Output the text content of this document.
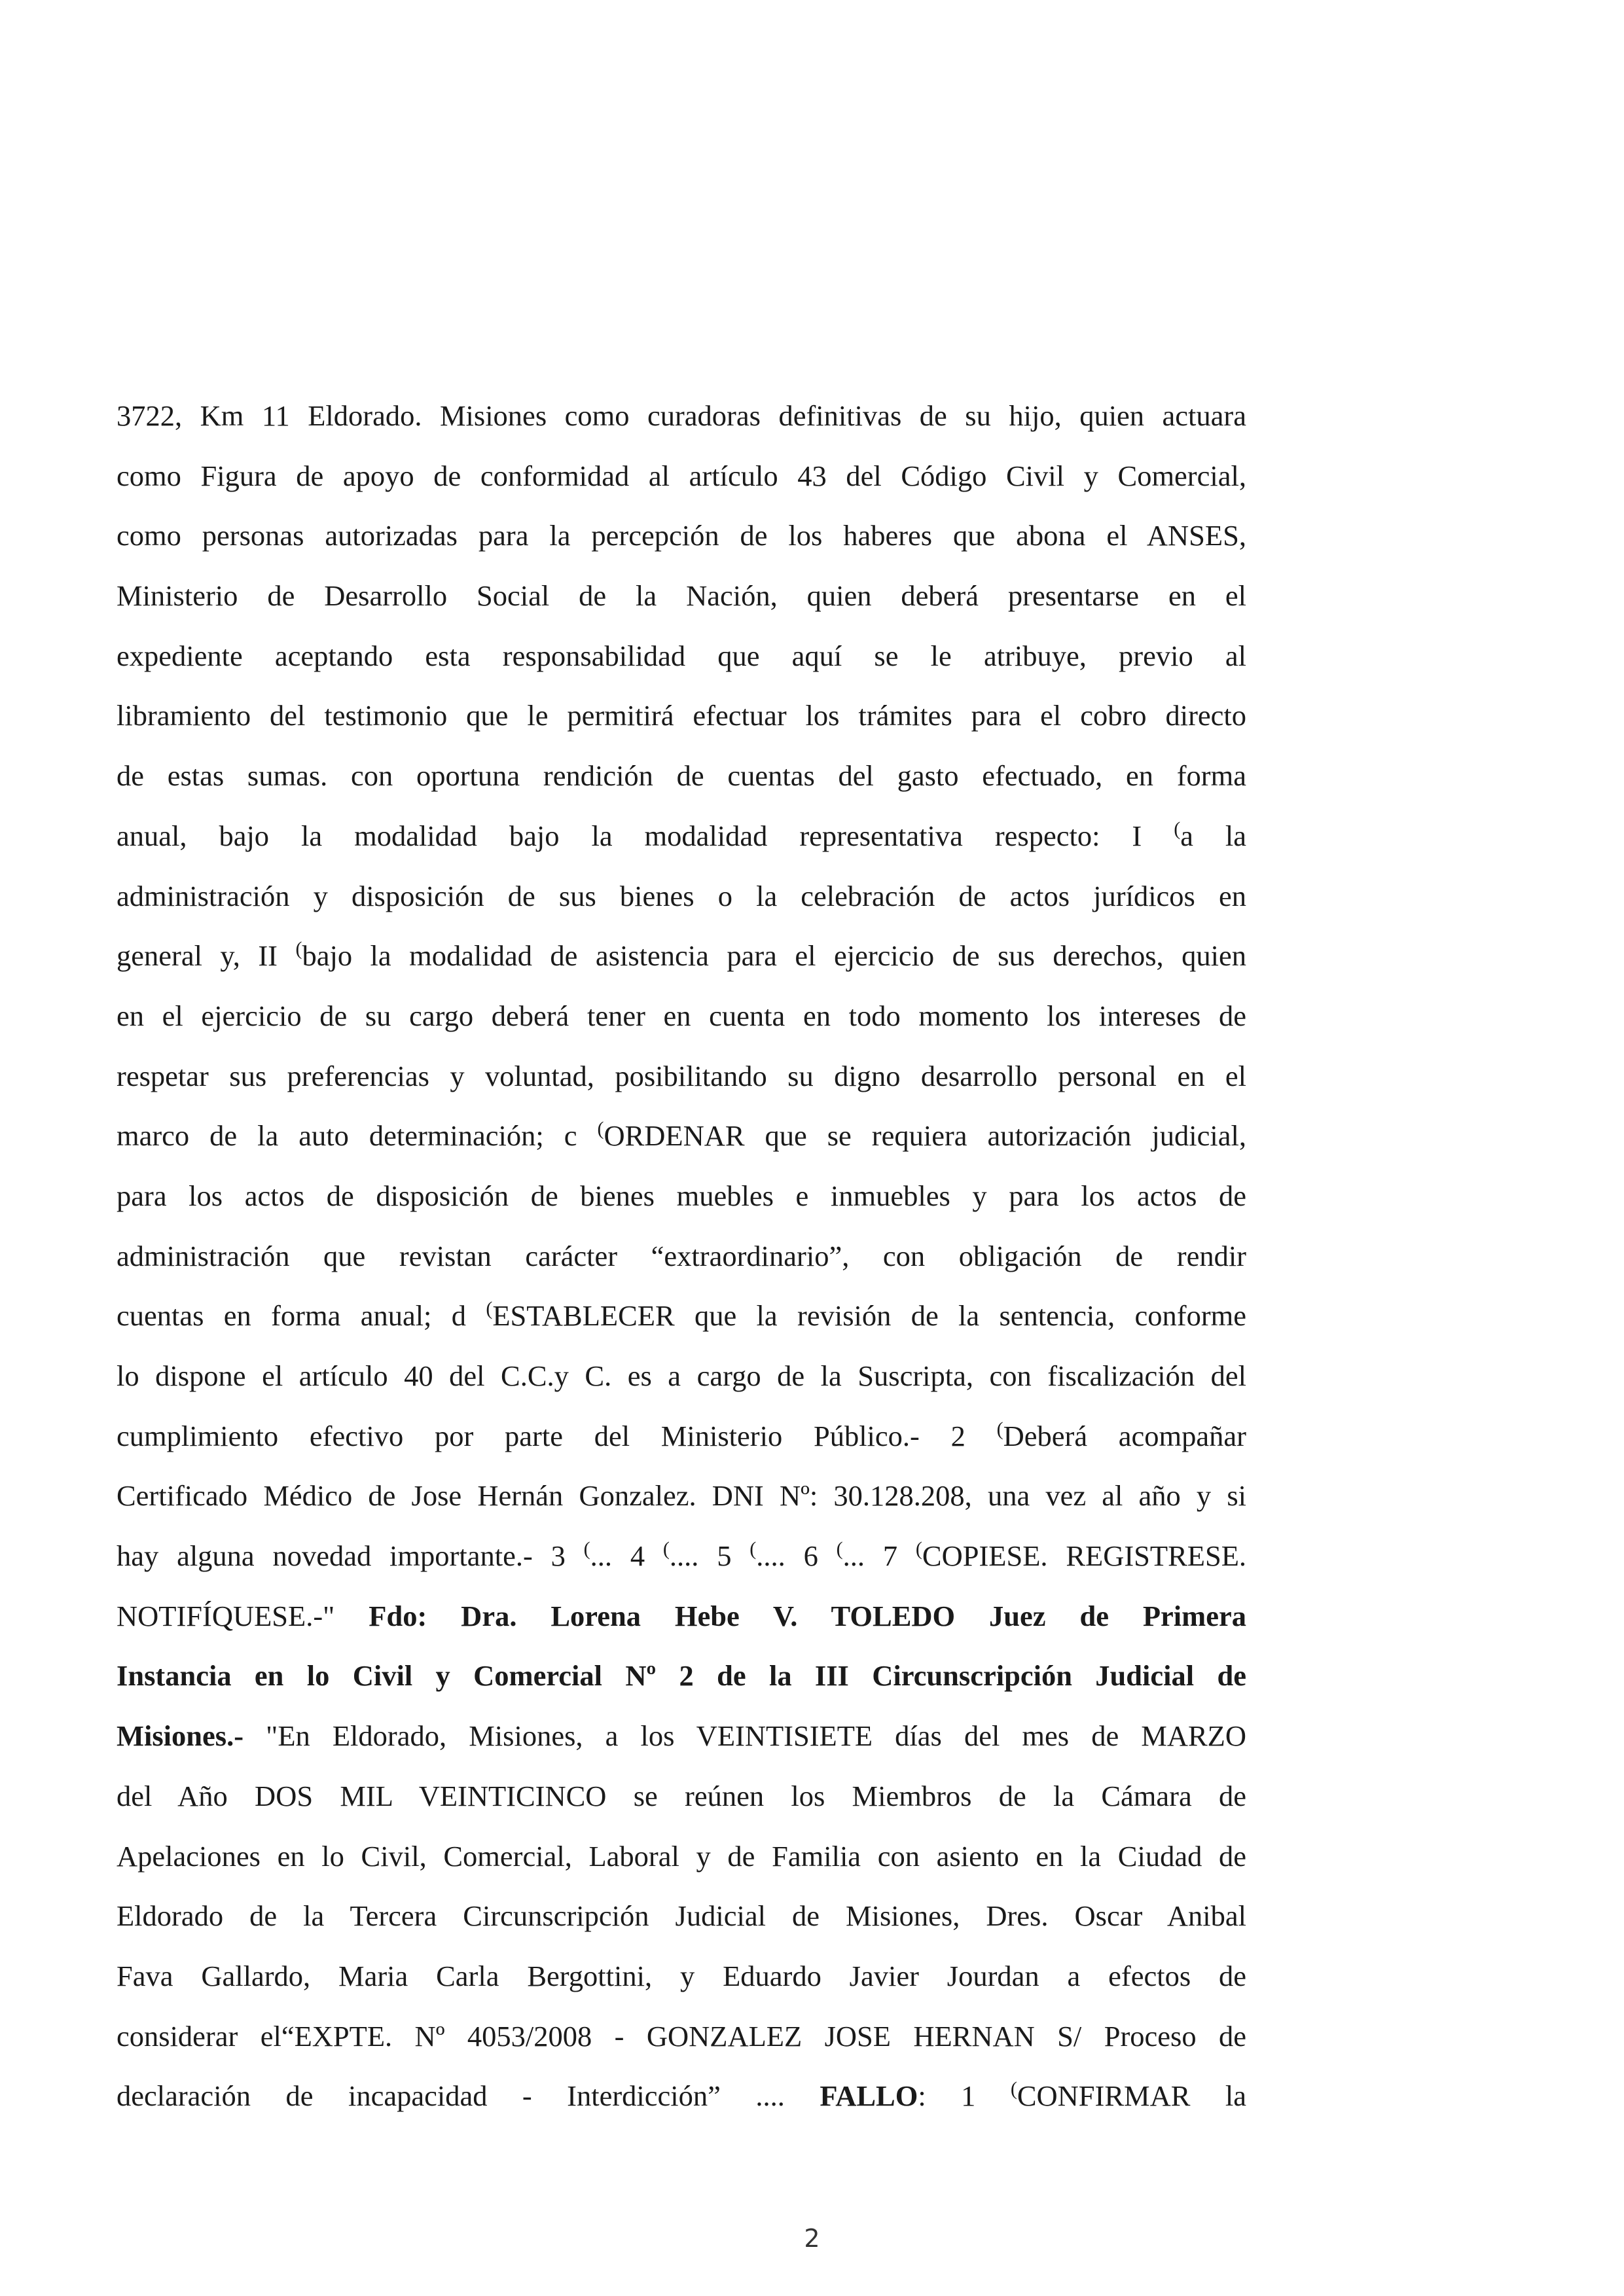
3722, Km 11 Eldorado. Misiones como curadoras definitivas de su hijo, quien actuara
como Figura de apoyo de conformidad al artículo 43 del Código Civil y Comercial,
como personas autorizadas para la percepción de los haberes que abona el ANSES,
Ministerio de Desarrollo Social de la Nación, quien deberá presentarse en el
expediente aceptando esta responsabilidad que aquí se le atribuye, previo al
libramiento del testimonio que le permitirá efectuar los trámites para el cobro directo
de estas sumas. con oportuna rendición de cuentas del gasto efectuado, en forma
anual, bajo la modalidad bajo la modalidad representativa respecto: I (a la
administración y disposición de sus bienes o la celebración de actos jurídicos en
general y, II (bajo la modalidad de asistencia para el ejercicio de sus derechos, quien
en el ejercicio de su cargo deberá tener en cuenta en todo momento los intereses de
respetar sus preferencias y voluntad, posibilitando su digno desarrollo personal en el
marco de la auto determinación; c (ORDENAR que se requiera autorización judicial,
para los actos de disposición de bienes muebles e inmuebles y para los actos de
administración que revistan carácter “extraordinario”, con obligación de rendir
cuentas en forma anual; d (ESTABLECER que la revisión de la sentencia, conforme
lo dispone el artículo 40 del C.C.y C. es a cargo de la Suscripta, con fiscalización del
cumplimiento efectivo por parte del Ministerio Público.- 2 (Deberá acompañar
Certificado Médico de Jose Hernán Gonzalez. DNI Nº: 30.128.208, una vez al año y si
hay alguna novedad importante.- 3 (... 4 (.... 5 (.... 6 (... 7 (COPIESE. REGISTRESE.
NOTIFÍQUESE.-" Fdo: Dra. Lorena Hebe V. TOLEDO Juez de Primera
Instancia en lo Civil y Comercial Nº 2 de la III Circunscripción Judicial de
Misiones.- "En Eldorado, Misiones, a los VEINTISIETE días del mes de MARZO
del Año DOS MIL VEINTICINCO se reúnen los Miembros de la Cámara de
Apelaciones en lo Civil, Comercial, Laboral y de Familia con asiento en la Ciudad de
Eldorado de la Tercera Circunscripción Judicial de Misiones, Dres. Oscar Anibal
Fava Gallardo, Maria Carla Bergottini, y Eduardo Javier Jourdan a efectos de
considerar el“EXPTE. Nº 4053/2008 - GONZALEZ JOSE HERNAN S/ Proceso de
declaración de incapacidad - Interdicción” .... FALLO: 1 (CONFIRMAR la
2
